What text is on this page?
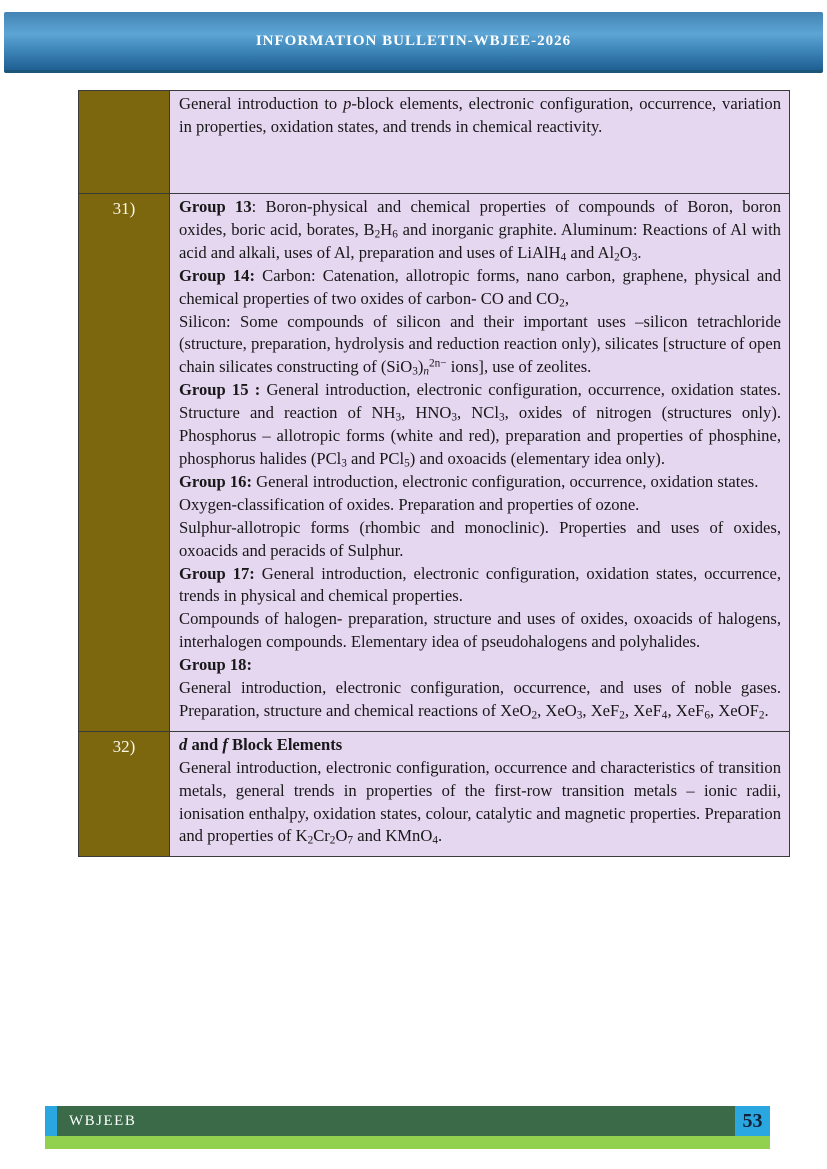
INFORMATION BULLETIN-WBJEE-2026

	General introduction to p-block elements, electronic configuration, occurrence, variation in properties, oxidation states, and trends in chemical reactivity.

31)	Group 13: Boron-physical and chemical properties of compounds of Boron, boron oxides, boric acid, borates, $B_2H_6$ and inorganic graphite. Aluminum: Reactions of Al with acid and alkali, uses of Al, preparation and uses of LiAlH$_4$ and $Al_2O_3$.

Group 14: Carbon: Catenation, allotropic forms, nano carbon, graphene, physical and chemical properties of two oxides of carbon- CO and $CO_2$,

Silicon: Some compounds of silicon and their important uses –silicon tetrachloride (structure, preparation, hydrolysis and reduction reaction only), silicates [structure of open chain silicates constructing of $(SiO_3)_n^{2n-}$ ions], use of zeolites.

Group 15 : General introduction, electronic configuration, occurrence, oxidation states. Structure and reaction of $NH_3$, $HNO_3$, NCl$_3$, oxides of nitrogen (structures only). Phosphorus – allotropic forms (white and red), preparation and properties of phosphine, phosphorus halides (PCl$_3$ and PCl$_5$) and oxoacids (elementary idea only).

Group 16: General introduction, electronic configuration, occurrence, oxidation states.

Oxygen-classification of oxides. Preparation and properties of ozone.

Sulphur-allotropic forms (rhombic and monoclinic). Properties and uses of oxides, oxoacids and peracids of Sulphur.

Group 17: General introduction, electronic configuration, oxidation states, occurrence, trends in physical and chemical properties.

Compounds of halogen- preparation, structure and uses of oxides, oxoacids of halogens, interhalogen compounds. Elementary idea of pseudohalogens and polyhalides.

Group 18:

General introduction, electronic configuration, occurrence, and uses of noble gases. Preparation, structure and chemical reactions of XeO$_2$, XeO$_3$, XeF$_2$, XeF$_4$, XeF$_6$, XeOF$_2$.

32)	d and f Block Elements

General introduction, electronic configuration, occurrence and characteristics of transition metals, general trends in properties of the first-row transition metals – ionic radii, ionisation enthalpy, oxidation states, colour, catalytic and magnetic properties. Preparation and properties of $K_2Cr_2O_7$ and KMnO$_4$.

WBJEEB	53
